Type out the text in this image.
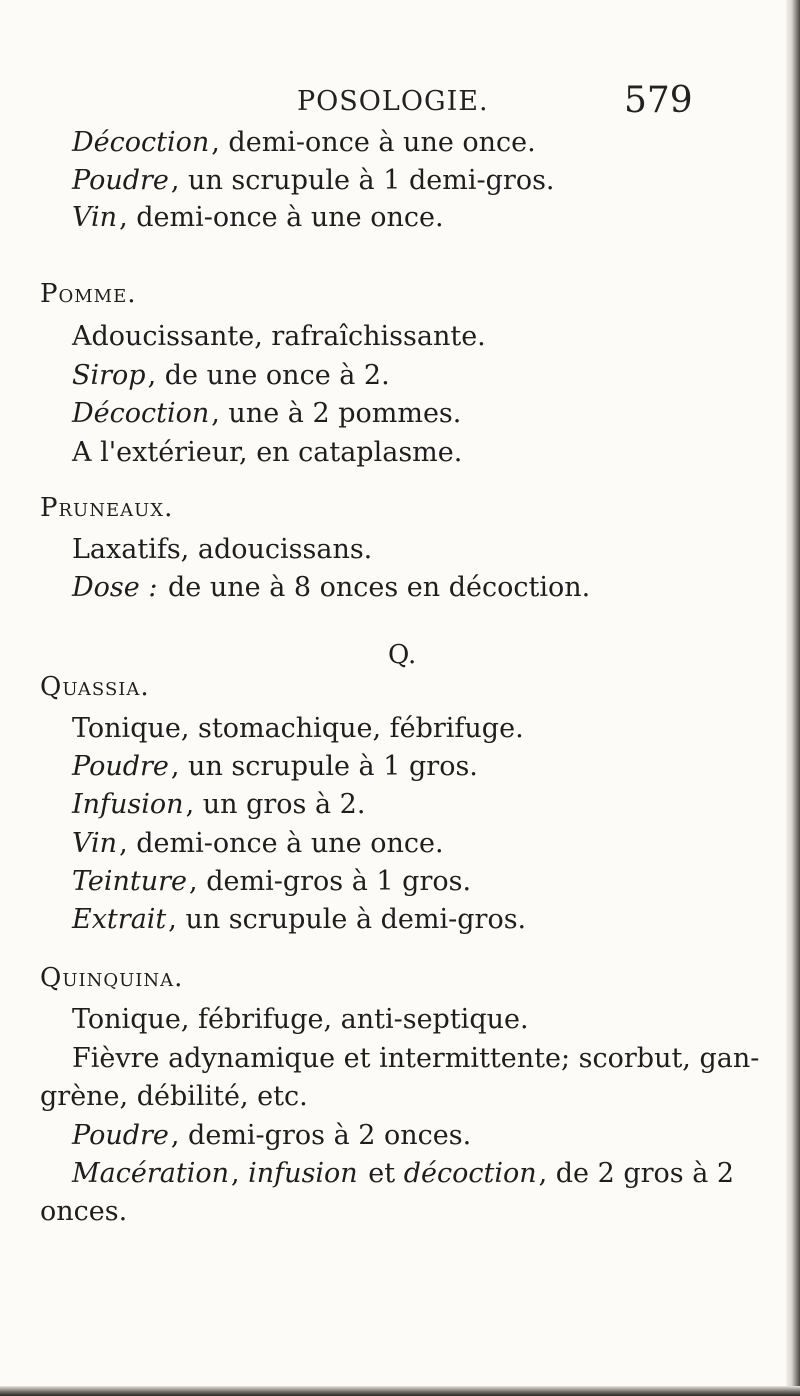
POSOLOGIE.	579
Décoction, demi-once à une once.
Poudre, un scrupule à 1 demi-gros.
Vin, demi-once à une once.
Pomme.
Adoucissante, rafraîchissante.
Sirop, de une once à 2.
Décoction, une à 2 pommes.
A l'extérieur, en cataplasme.
Pruneaux.
Laxatifs, adoucissans.
Dose : de une à 8 onces en décoction.
Q.
Quassia.
Tonique, stomachique, fébrifuge.
Poudre, un scrupule à 1 gros.
Infusion, un gros à 2.
Vin, demi-once à une once.
Teinture, demi-gros à 1 gros.
Extrait, un scrupule à demi-gros.
Quinquina.
Tonique, fébrifuge, anti-septique.
Fièvre adynamique et intermittente; scorbut, gan-
grène, débilité, etc.
Poudre, demi-gros à 2 onces.
Macération, infusion et décoction, de 2 gros à 2
onces.
